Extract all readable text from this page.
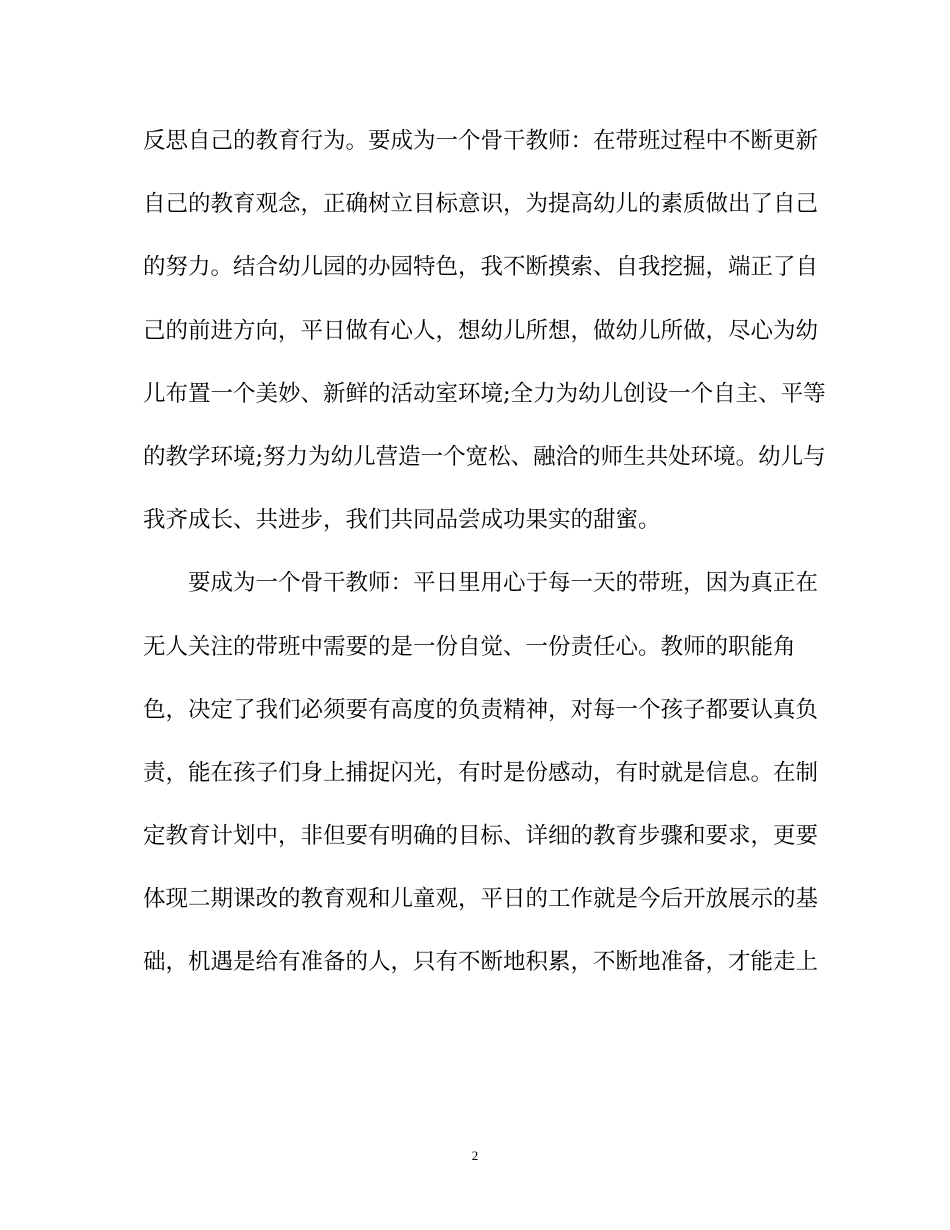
反思自己的教育行为。要成为一个骨干教师：在带班过程中不断更新
自己的教育观念，正确树立目标意识，为提高幼儿的素质做出了自己
的努力。结合幼儿园的办园特色，我不断摸索、自我挖掘，端正了自
己的前进方向，平日做有心人，想幼儿所想，做幼儿所做，尽心为幼
儿布置一个美妙、新鲜的活动室环境;全力为幼儿创设一个自主、平等
的教学环境;努力为幼儿营造一个宽松、融洽的师生共处环境。幼儿与
我齐成长、共进步，我们共同品尝成功果实的甜蜜。
要成为一个骨干教师：平日里用心于每一天的带班，因为真正在
无人关注的带班中需要的是一份自觉、一份责任心。教师的职能角
色，决定了我们必须要有高度的负责精神，对每一个孩子都要认真负
责，能在孩子们身上捕捉闪光，有时是份感动，有时就是信息。在制
定教育计划中，非但要有明确的目标、详细的教育步骤和要求，更要
体现二期课改的教育观和儿童观，平日的工作就是今后开放展示的基
础，机遇是给有准备的人，只有不断地积累，不断地准备，才能走上
2
